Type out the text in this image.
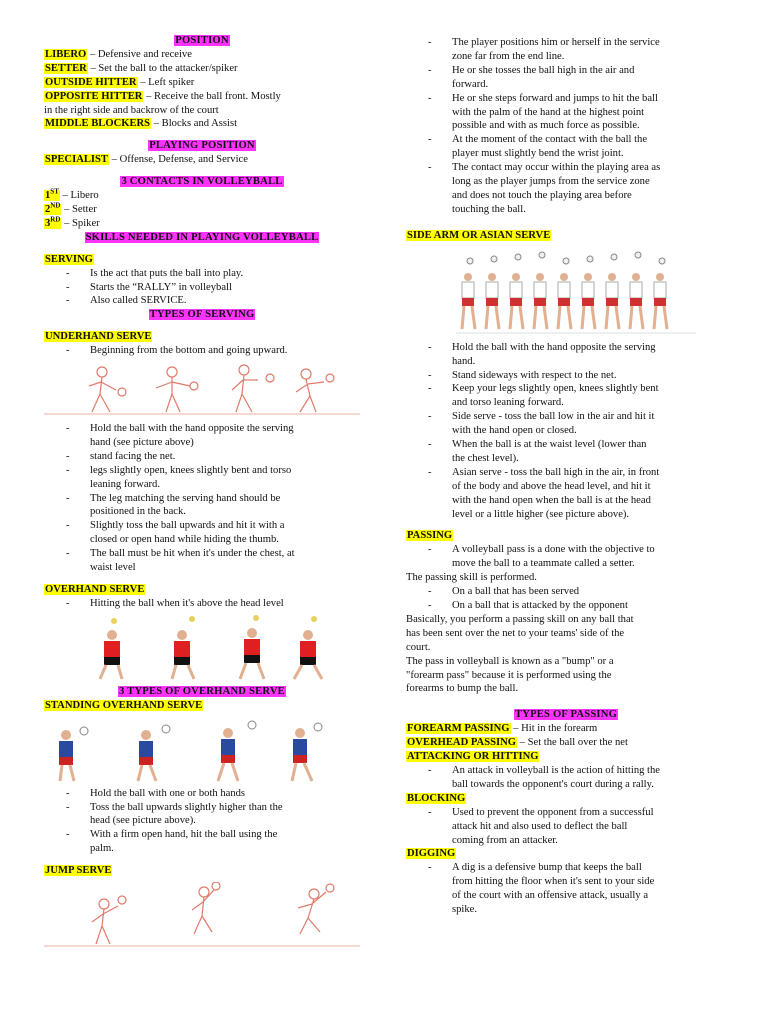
POSITION
LIBERO – Defensive and receive
SETTER – Set the ball to the attacker/spiker
OUTSIDE HITTER – Left spiker
OPPOSITE HITTER – Receive the ball front. Mostly
in the right side and backrow of the court
MIDDLE BLOCKERS – Blocks and Assist
PLAYING POSITION
SPECIALIST – Offense, Defense, and Service
3 CONTACTS IN VOLLEYBALL
1ST – Libero
2ND – Setter
3RD – Spiker
SKILLS NEEDED IN PLAYING VOLLEYBALL
SERVING
-	Is the act that puts the ball into play.
-	Starts the “RALLY” in volleyball
-	Also called SERVICE.
TYPES OF SERVING
UNDERHAND SERVE
-	Beginning from the bottom and going upward.
-	Hold the ball with the hand opposite the serving
hand (see picture above)
-	stand facing the net.
-	legs slightly open, knees slightly bent and torso
leaning forward.
-	The leg matching the serving hand should be
positioned in the back.
-	Slightly toss the ball upwards and hit it with a
closed or open hand while hiding the thumb.
-	The ball must be hit when it's under the chest, at
waist level
OVERHAND SERVE
-	Hitting the ball when it's above the head level
3 TYPES OF OVERHAND SERVE
STANDING OVERHAND SERVE
-	Hold the ball with one or both hands
-	Toss the ball upwards slightly higher than the
head (see picture above).
-	With a firm open hand, hit the ball using the
palm.
JUMP SERVE
-	The player positions him or herself in the service
zone far from the end line.
-	He or she tosses the ball high in the air and
forward.
-	He or she steps forward and jumps to hit the ball
with the palm of the hand at the highest point
possible and with as much force as possible.
-	At the moment of the contact with the ball the
player must slightly bend the wrist joint.
-	The contact may occur within the playing area as
long as the player jumps from the service zone
and does not touch the playing area before
touching the ball.
SIDE ARM OR ASIAN SERVE
-	Hold the ball with the hand opposite the serving
hand.
-	Stand sideways with respect to the net.
-	Keep your legs slightly open, knees slightly bent
and torso leaning forward.
-	Side serve - toss the ball low in the air and hit it
with the hand open or closed.
-	When the ball is at the waist level (lower than
the chest level).
-	Asian serve - toss the ball high in the air, in front
of the body and above the head level, and hit it
with the hand open when the ball is at the head
level or a little higher (see picture above).
PASSING
-	A volleyball pass is a done with the objective to
move the ball to a teammate called a setter.
The passing skill is performed.
-	On a ball that has been served
-	On a ball that is attacked by the opponent
Basically, you perform a passing skill on any ball that
has been sent over the net to your teams' side of the
court.
The pass in volleyball is known as a "bump" or a
"forearm pass" because it is performed using the
forearms to bump the ball.
TYPES OF PASSING
FOREARM PASSING – Hit in the forearm
OVERHEAD PASSING – Set the ball over the net
ATTACKING OR HITTING
-	An attack in volleyball is the action of hitting the
ball towards the opponent's court during a rally.
BLOCKING
-	Used to prevent the opponent from a successful
attack hit and also used to deflect the ball
coming from an attacker.
DIGGING
-	A dig is a defensive bump that keeps the ball
from hitting the floor when it's sent to your side
of the court with an offensive attack, usually a
spike.
